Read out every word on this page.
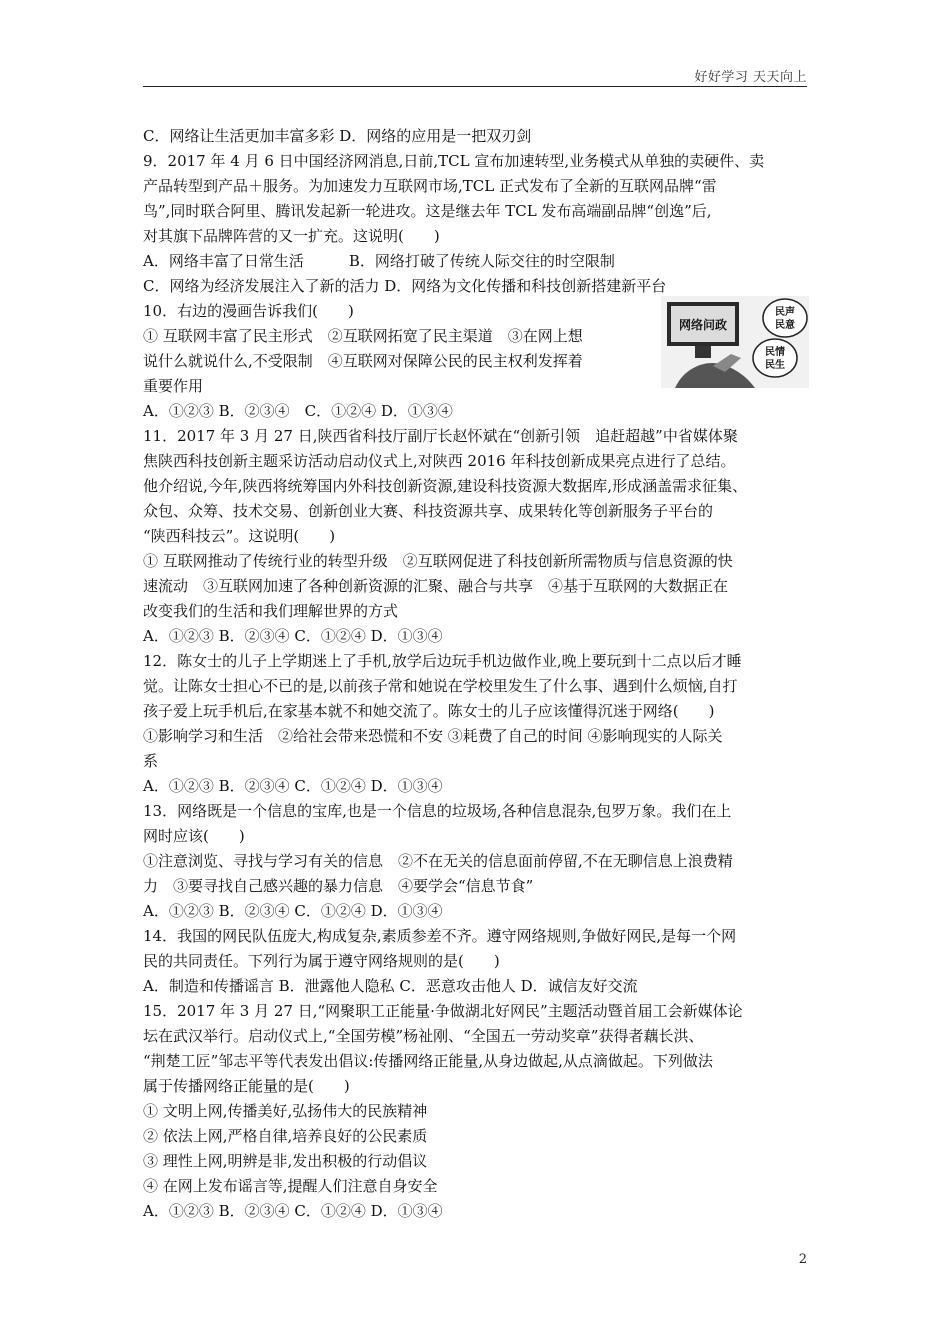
好好学习 天天向上
C．网络让生活更加丰富多彩 D．网络的应用是一把双刃剑
9．2017 年 4 月 6 日中国经济网消息,日前,TCL 宣布加速转型,业务模式从单独的卖硬件、卖
产品转型到产品＋服务。为加速发力互联网市场,TCL 正式发布了全新的互联网品牌“雷
鸟”,同时联合阿里、腾讯发起新一轮进攻。这是继去年 TCL 发布高端副品牌“创逸”后,
对其旗下品牌阵营的又一扩充。这说明(　　)
A．网络丰富了日常生活　　　B．网络打破了传统人际交往的时空限制
C．网络为经济发展注入了新的活力 D．网络为文化传播和科技创新搭建新平台
10．右边的漫画告诉我们(　　)
① 互联网丰富了民主形式　②互联网拓宽了民主渠道　③在网上想
说什么就说什么,不受限制　④互联网对保障公民的民主权利发挥着
重要作用
网络问政
民声
民意
民情
民生
A．①②③ B．②③④　C．①②④ D．①③④
11．2017 年 3 月 27 日,陕西省科技厅副厅长赵怀斌在“创新引领　追赶超越”中省媒体聚
焦陕西科技创新主题采访活动启动仪式上,对陕西 2016 年科技创新成果亮点进行了总结。
他介绍说,今年,陕西将统筹国内外科技创新资源,建设科技资源大数据库,形成涵盖需求征集、
众包、众筹、技术交易、创新创业大赛、科技资源共享、成果转化等创新服务子平台的
“陕西科技云”。这说明(　　)
① 互联网推动了传统行业的转型升级　②互联网促进了科技创新所需物质与信息资源的快
速流动　③互联网加速了各种创新资源的汇聚、融合与共享　④基于互联网的大数据正在
改变我们的生活和我们理解世界的方式
A．①②③ B．②③④ C．①②④ D．①③④
12．陈女士的儿子上学期迷上了手机,放学后边玩手机边做作业,晚上要玩到十二点以后才睡
觉。让陈女士担心不已的是,以前孩子常和她说在学校里发生了什么事、遇到什么烦恼,自打
孩子爱上玩手机后,在家基本就不和她交流了。陈女士的儿子应该懂得沉迷于网络(　　)
①影响学习和生活　②给社会带来恐慌和不安 ③耗费了自己的时间 ④影响现实的人际关
系
A．①②③ B．②③④ C．①②④ D．①③④
13．网络既是一个信息的宝库,也是一个信息的垃圾场,各种信息混杂,包罗万象。我们在上
网时应该(　　)
①注意浏览、寻找与学习有关的信息　②不在无关的信息面前停留,不在无聊信息上浪费精
力　③要寻找自己感兴趣的暴力信息　④要学会“信息节食”
A．①②③ B．②③④ C．①②④ D．①③④
14．我国的网民队伍庞大,构成复杂,素质参差不齐。遵守网络规则,争做好网民,是每一个网
民的共同责任。下列行为属于遵守网络规则的是(　　)
A．制造和传播谣言 B．泄露他人隐私 C．恶意攻击他人 D．诚信友好交流
15．2017 年 3 月 27 日,“网聚职工正能量·争做湖北好网民”主题活动暨首届工会新媒体论
坛在武汉举行。启动仪式上,“全国劳模”杨祉刚、“全国五一劳动奖章”获得者藕长洪、
“荆楚工匠”邹志平等代表发出倡议:传播网络正能量,从身边做起,从点滴做起。下列做法
属于传播网络正能量的是(　　)
① 文明上网,传播美好,弘扬伟大的民族精神
② 依法上网,严格自律,培养良好的公民素质
③ 理性上网,明辨是非,发出积极的行动倡议
④ 在网上发布谣言等,提醒人们注意自身安全
A．①②③ B．②③④ C．①②④ D．①③④
2
